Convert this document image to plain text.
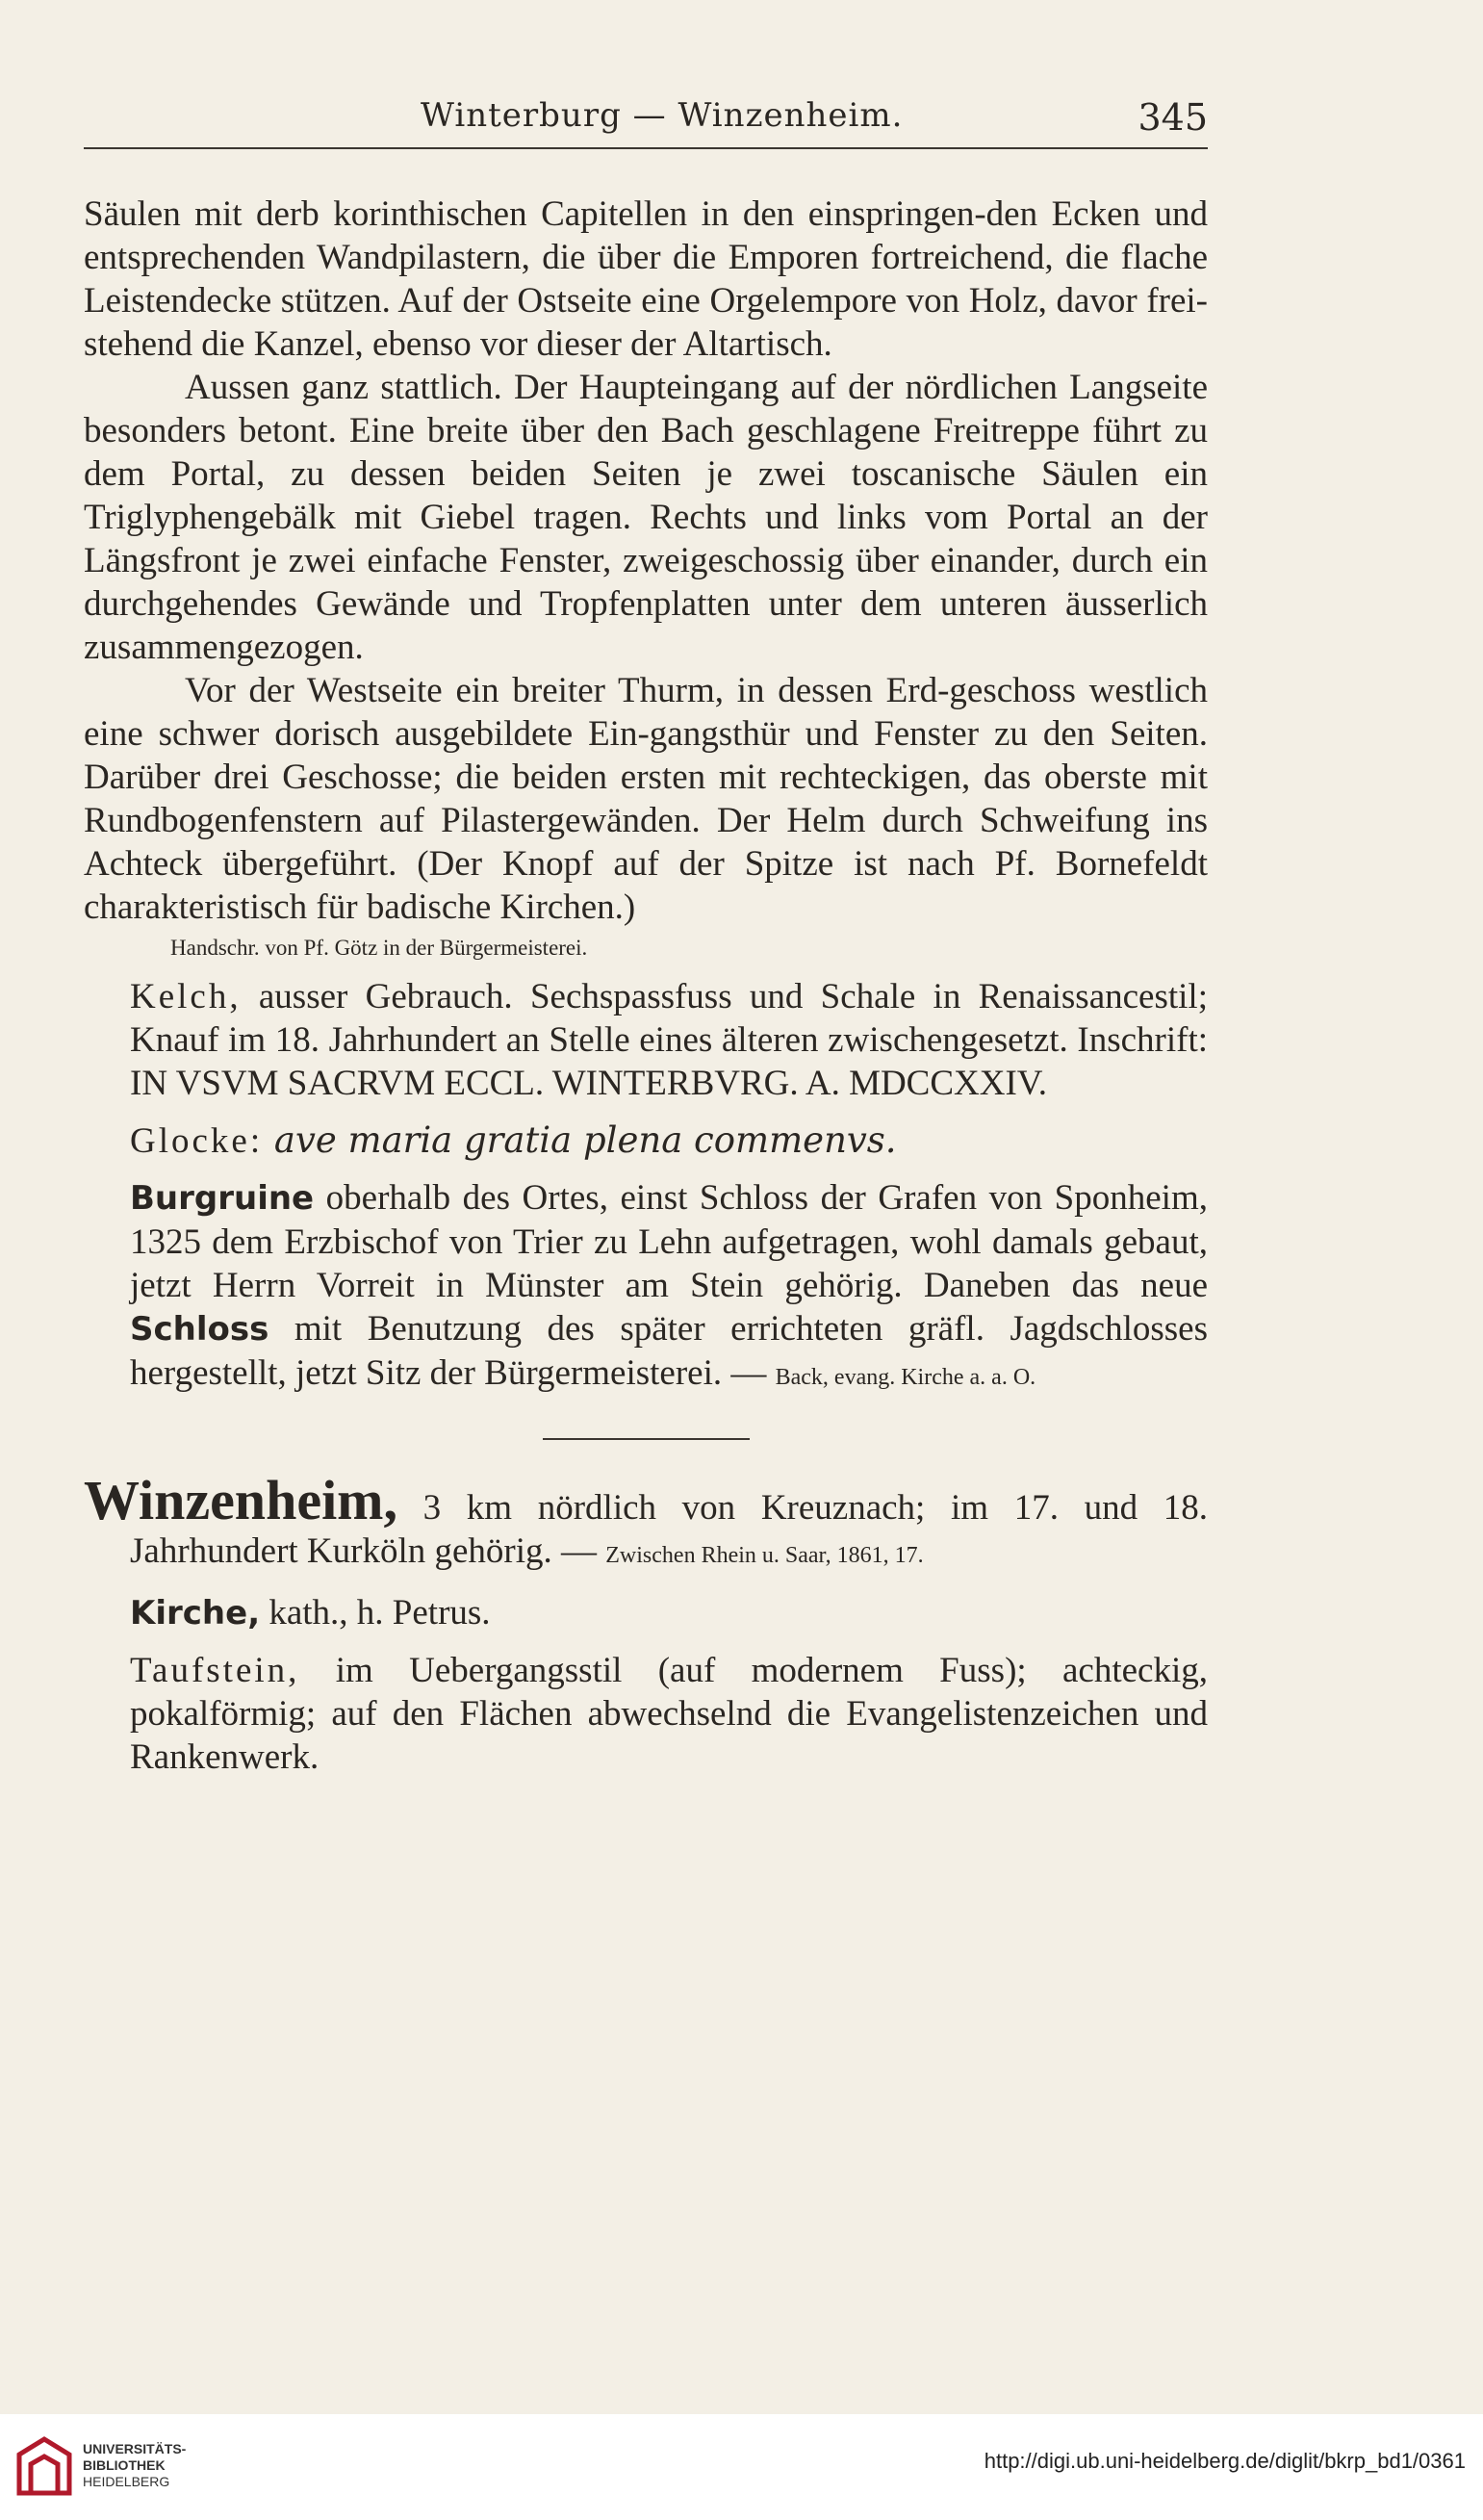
Winterburg — Winzenheim.	345

Säulen mit derb korinthischen Capitellen in den einspringen-den Ecken und entsprechenden Wandpilastern, die über die Emporen fortreichend, die flache Leistendecke stützen. Auf der Ostseite eine Orgelempore von Holz, davor frei-stehend die Kanzel, ebenso vor dieser der Altartisch.

Aussen ganz stattlich. Der Haupteingang auf der nördlichen Langseite besonders betont. Eine breite über den Bach geschlagene Freitreppe führt zu dem Portal, zu dessen beiden Seiten je zwei toscanische Säulen ein Triglyphengebälk mit Giebel tragen. Rechts und links vom Portal an der Längsfront je zwei einfache Fenster, zweigeschossig über einander, durch ein durchgehendes Gewände und Tropfenplatten unter dem unteren äusserlich zusammengezogen.

Vor der Westseite ein breiter Thurm, in dessen Erd-geschoss westlich eine schwer dorisch ausgebildete Ein-gangsthür und Fenster zu den Seiten. Darüber drei Geschosse; die beiden ersten mit rechteckigen, das oberste mit Rundbogenfenstern auf Pilastergewänden. Der Helm durch Schweifung ins Achteck übergeführt. (Der Knopf auf der Spitze ist nach Pf. Bornefeldt charakteristisch für badische Kirchen.)

Handschr. von Pf. Götz in der Bürgermeisterei.

Kelch, ausser Gebrauch. Sechspassfuss und Schale in Renaissancestil; Knauf im 18. Jahrhundert an Stelle eines älteren zwischengesetzt. Inschrift: IN VSVM SACRVM ECCL. WINTERBVRG. A. MDCCXXIV.

Glocke: ave maria gratia plena commenvs.

Burgruine oberhalb des Ortes, einst Schloss der Grafen von Sponheim, 1325 dem Erzbischof von Trier zu Lehn aufgetragen, wohl damals gebaut, jetzt Herrn Vorreit in Münster am Stein gehörig. Daneben das neue Schloss mit Benutzung des später errichteten gräfl. Jagdschlosses hergestellt, jetzt Sitz der Bürgermeisterei. — Back, evang. Kirche a. a. O.

Winzenheim, 3 km nördlich von Kreuznach; im 17. und 18. Jahrhundert Kurköln gehörig. — Zwischen Rhein u. Saar, 1861, 17.

Kirche, kath., h. Petrus.

Taufstein, im Uebergangsstil (auf modernem Fuss); achteckig, pokalförmig; auf den Flächen abwechselnd die Evangelistenzeichen und Rankenwerk.

UNIVERSITÄTS-
BIBLIOTHEK
HEIDELBERG
http://digi.ub.uni-heidelberg.de/diglit/bkrp_bd1/0361
